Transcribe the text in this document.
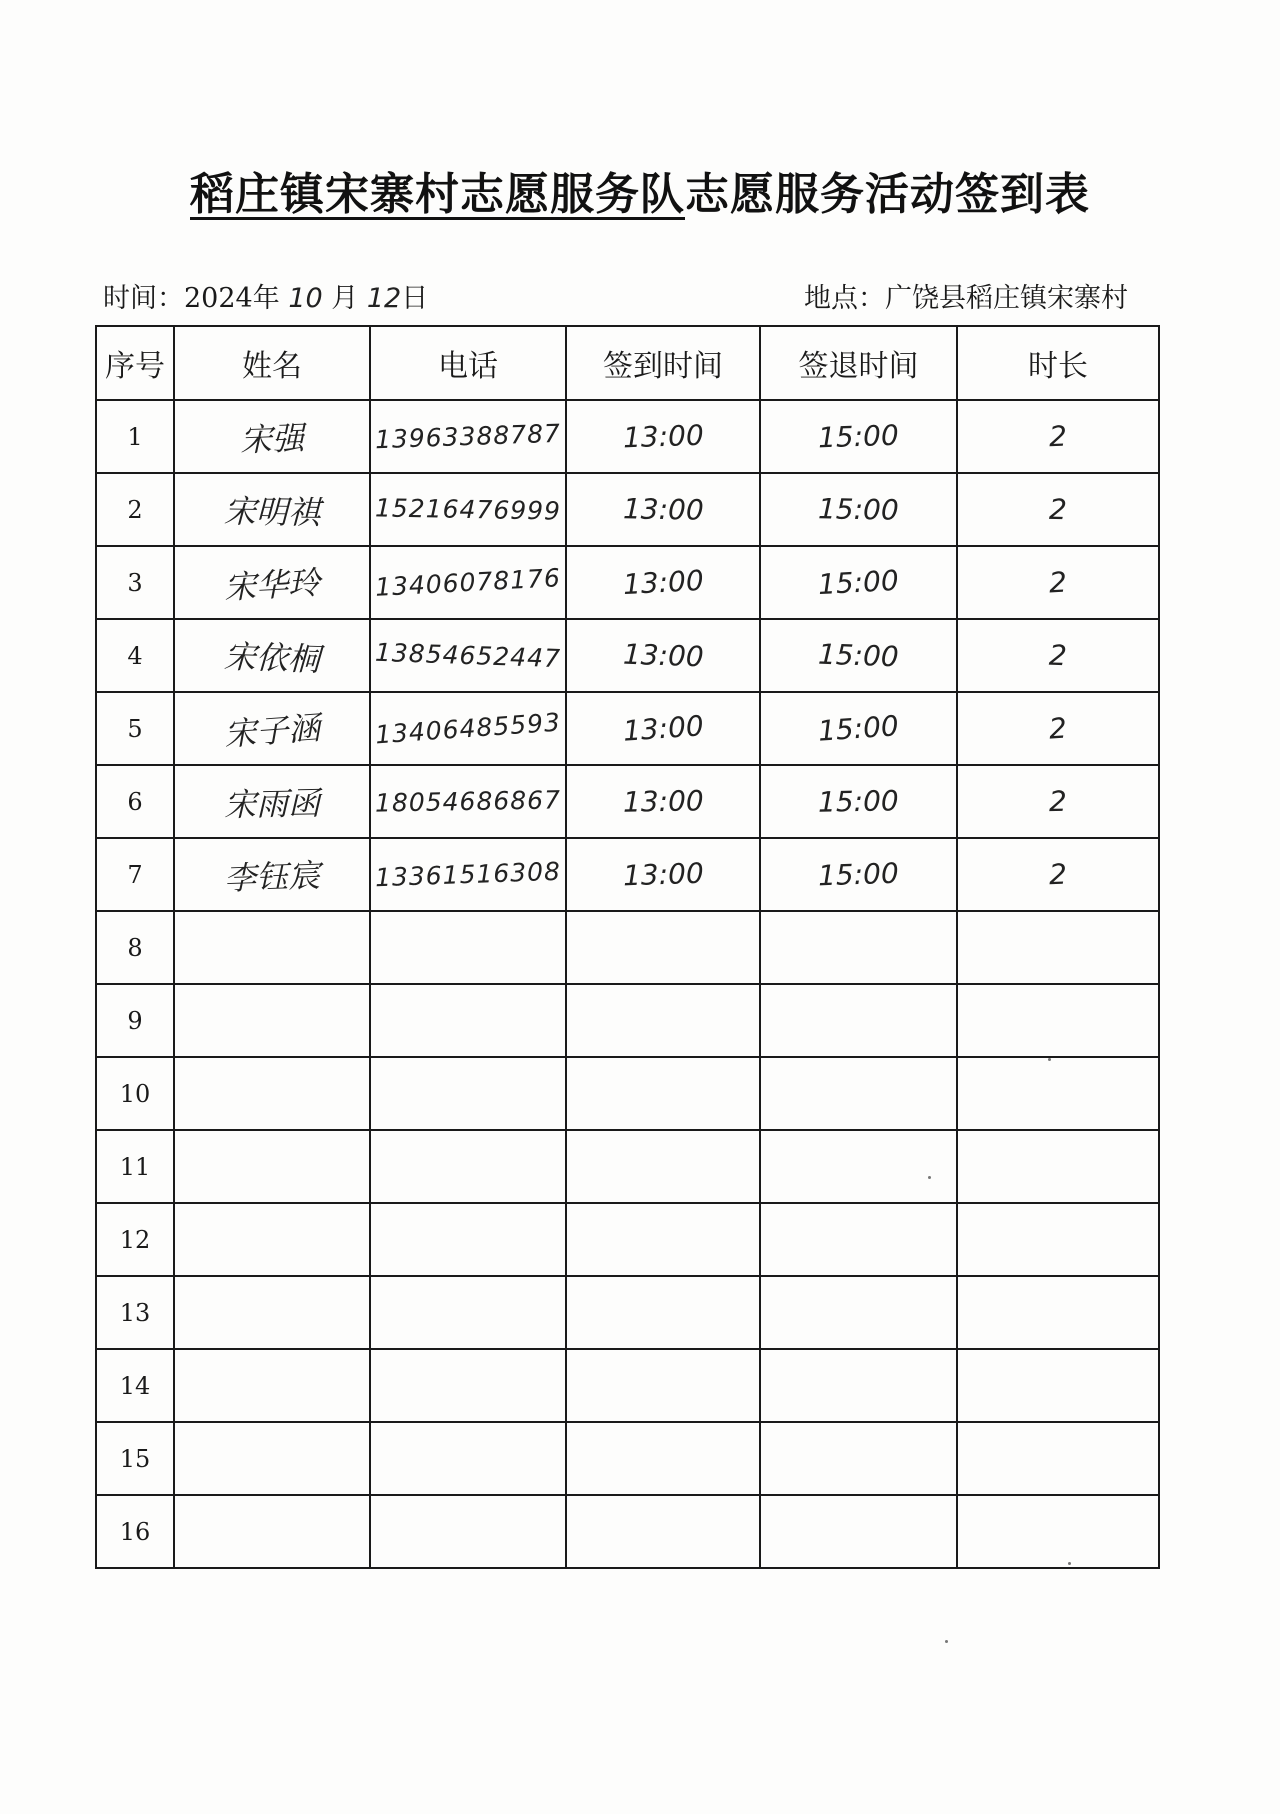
稻庄镇宋寨村志愿服务队志愿服务活动签到表
时间：2024年 10 月 12日	地点：广饶县稻庄镇宋寨村
序号	姓名	电话	签到时间	签退时间	时长
1	宋强	13963388787	13:00	15:00	2
2	宋明祺	15216476999	13:00	15:00	2
3	宋华玲	13406078176	13:00	15:00	2
4	宋依桐	13854652447	13:00	15:00	2
5	宋子涵	13406485593	13:00	15:00	2
6	宋雨函	18054686867	13:00	15:00	2
7	李钰宸	13361516308	13:00	15:00	2
8					
9					
10					
11					
12					
13					
14					
15					
16					
